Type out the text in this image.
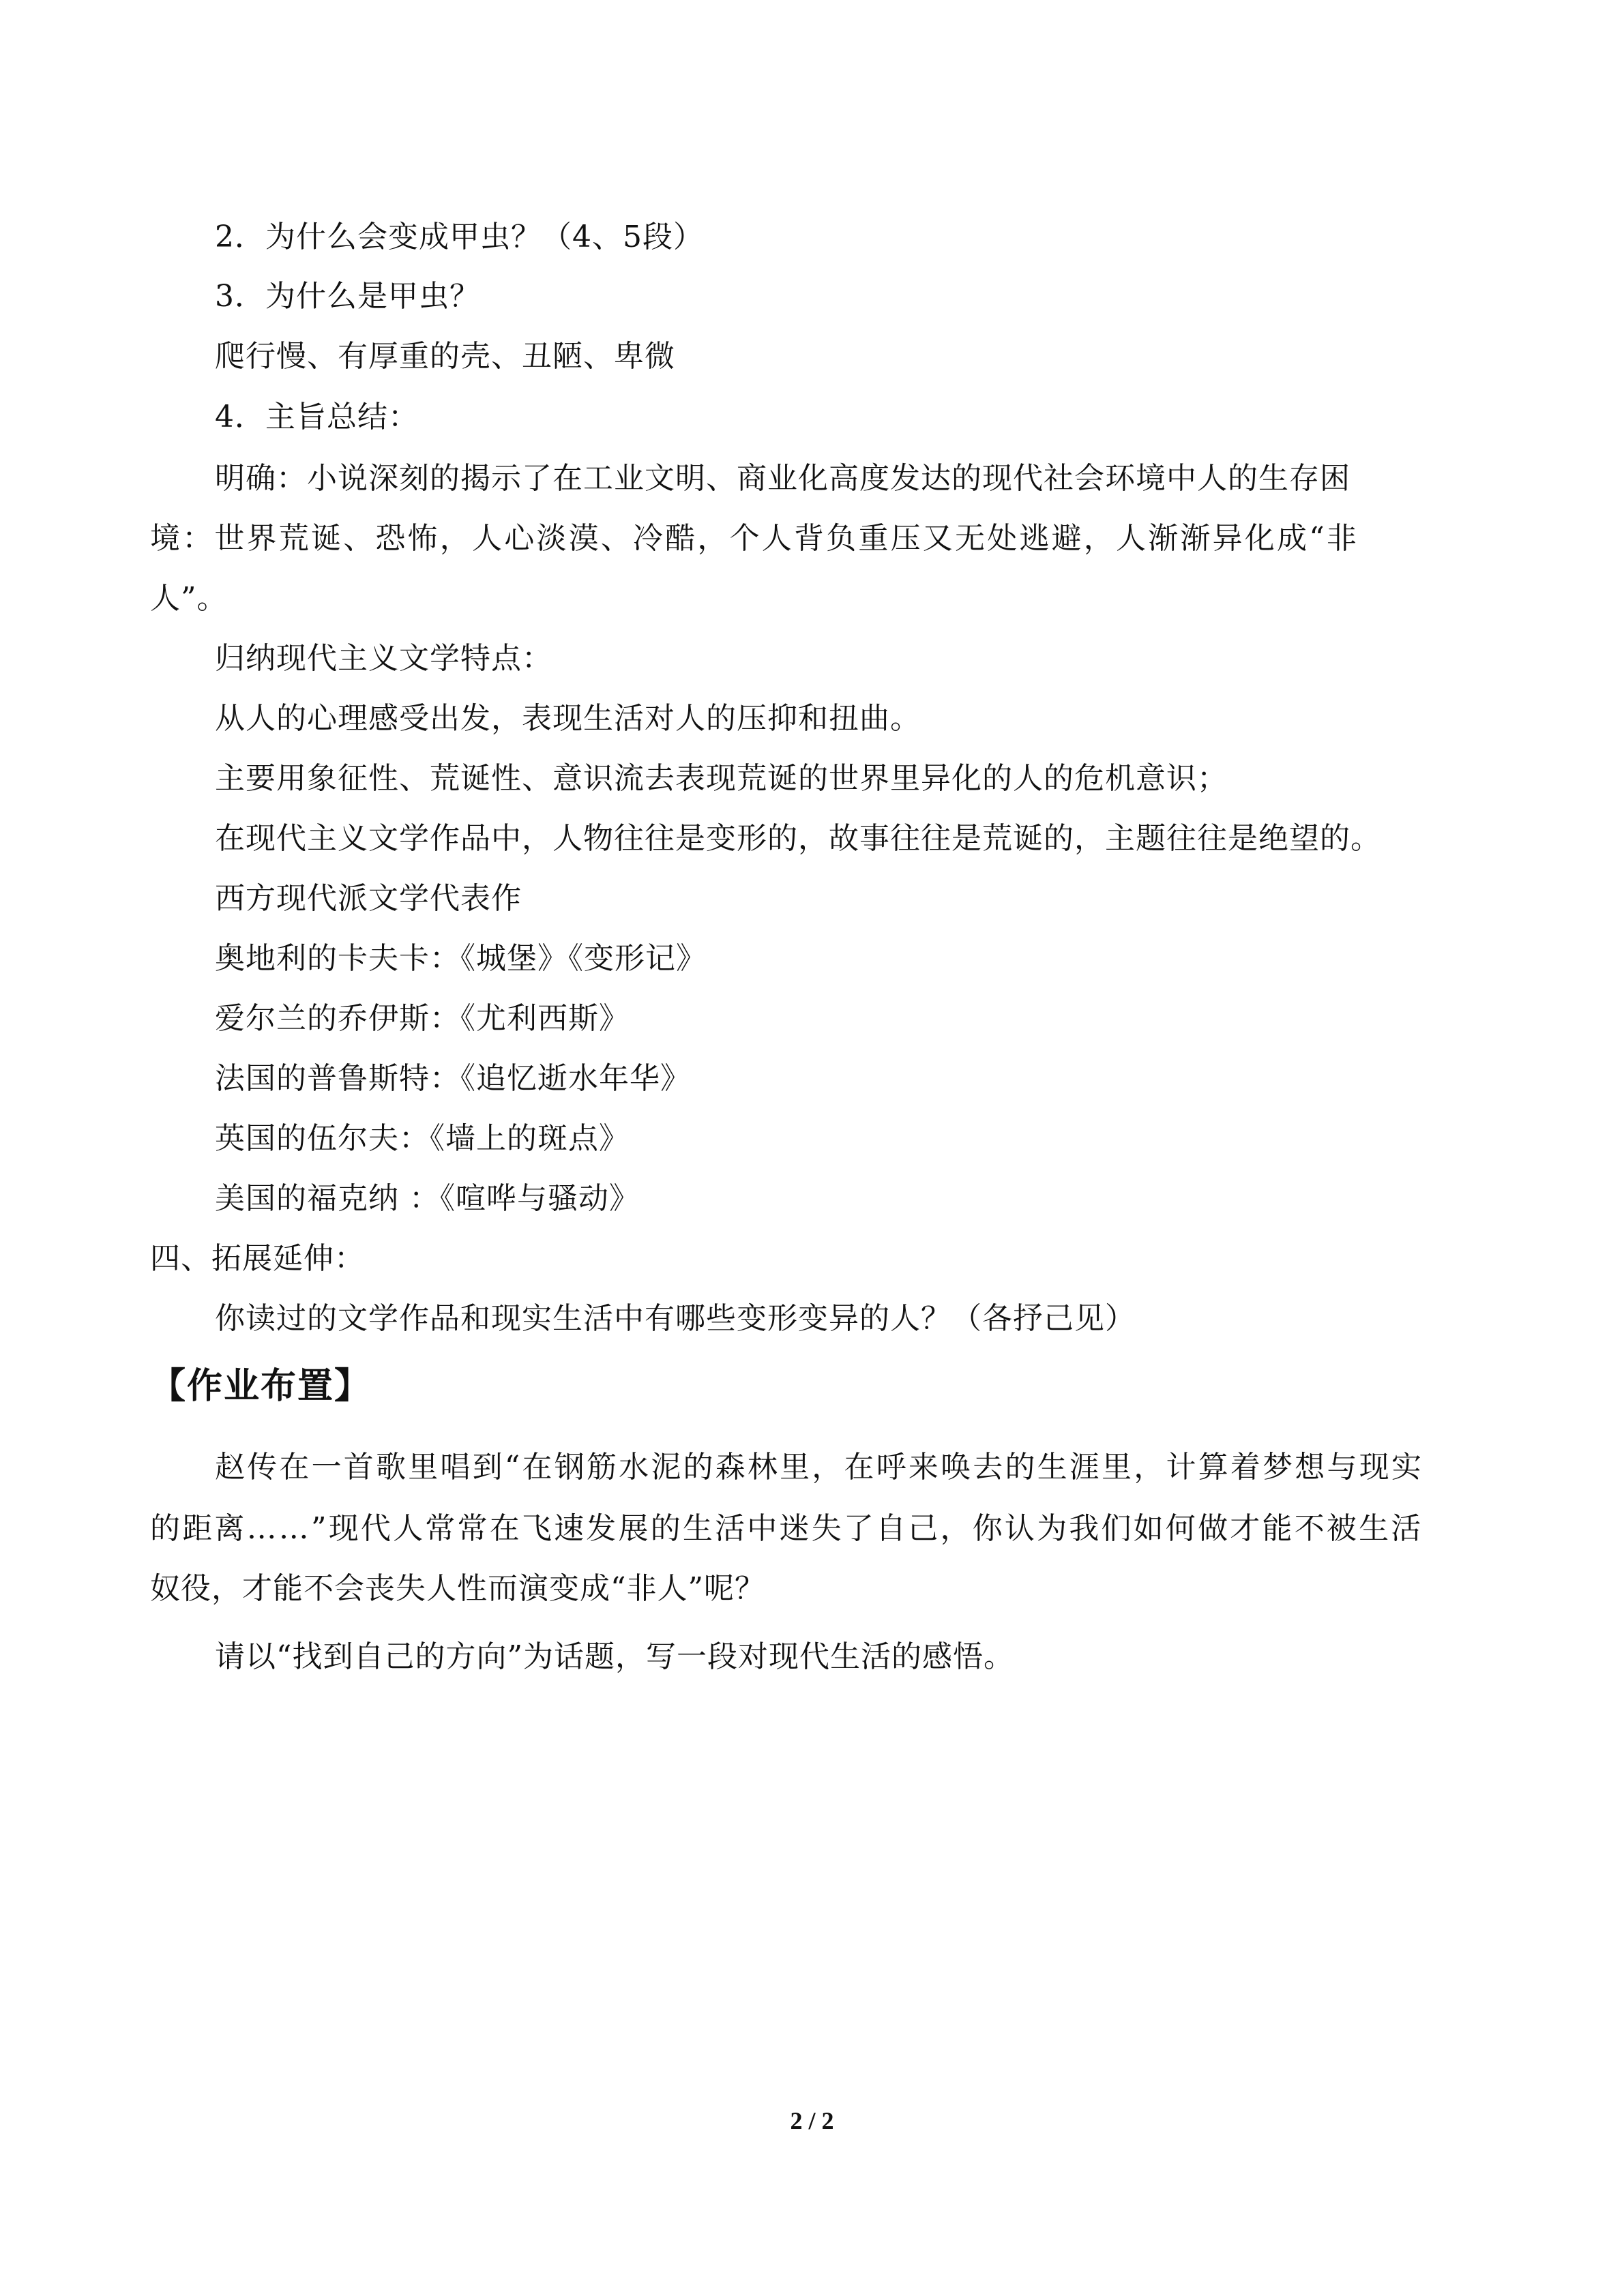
2．为什么会变成甲虫？（4、5段）
3．为什么是甲虫？
爬行慢、有厚重的壳、丑陋、卑微
4．主旨总结：
明确：小说深刻的揭示了在工业文明、商业化高度发达的现代社会环境中人的生存困
境：世界荒诞、恐怖，人心淡漠、冷酷，个人背负重压又无处逃避，人渐渐异化成“非
人”。
归纳现代主义文学特点：
从人的心理感受出发，表现生活对人的压抑和扭曲。
主要用象征性、荒诞性、意识流去表现荒诞的世界里异化的人的危机意识；
在现代主义文学作品中，人物往往是变形的，故事往往是荒诞的，主题往往是绝望的。
西方现代派文学代表作
奥地利的卡夫卡：《城堡》《变形记》
爱尔兰的乔伊斯：《尤利西斯》
法国的普鲁斯特：《追忆逝水年华》
英国的伍尔夫：《墙上的斑点》
美国的福克纳 ：《喧哗与骚动》
四、拓展延伸：
你读过的文学作品和现实生活中有哪些变形变异的人？（各抒己见）
【作业布置】
赵传在一首歌里唱到“在钢筋水泥的森林里，在呼来唤去的生涯里，计算着梦想与现实
的距离……”现代人常常在飞速发展的生活中迷失了自己，你认为我们如何做才能不被生活
奴役，才能不会丧失人性而演变成“非人”呢？
请以“找到自己的方向”为话题，写一段对现代生活的感悟。
2 / 2
